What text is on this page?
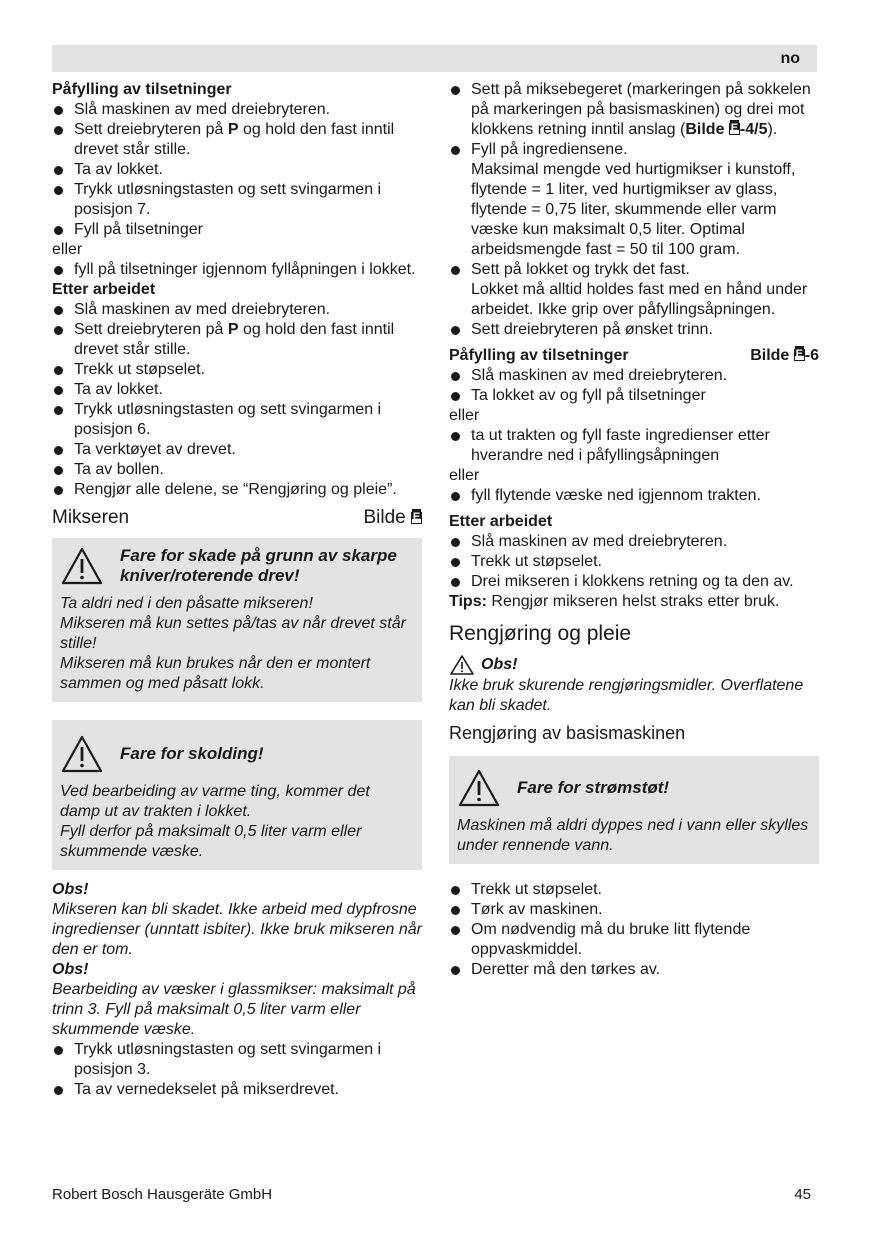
no

Påfylling av tilsetninger

Slå maskinen av med dreiebryteren.
Sett dreiebryteren på P og hold den fast inntil drevet står stille.
Ta av lokket.
Trykk utløsningstasten og sett svingarmen i posisjon 7.
Fyll på tilsetninger

eller

fyll på tilsetninger igjennom fyllåpningen i lokket.

Etter arbeidet

Slå maskinen av med dreiebryteren.
Sett dreiebryteren på P og hold den fast inntil drevet står stille.
Trekk ut støpselet.
Ta av lokket.
Trykk utløsningstasten og sett svingarmen i posisjon 6.
Ta verktøyet av drevet.
Ta av bollen.
Rengjør alle delene, se “Rengjøring og pleie”.
Mikseren	Bilde E
Fare for skade på grunn av skarpe kniver/roterende drev!

Ta aldri ned i den påsatte mikseren!

Mikseren må kun settes på/tas av når drevet står stille!

Mikseren må kun brukes når den er montert sammen og med påsatt lokk.

Fare for skolding!

Ved bearbeiding av varme ting, kommer det damp ut av trakten i lokket.

Fyll derfor på maksimalt 0,5 liter varm eller skummende væske.

Obs!

Mikseren kan bli skadet. Ikke arbeid med dypfrosne ingredienser (unntatt isbiter). Ikke bruk mikseren når den er tom.

Obs!

Bearbeiding av væsker i glassmikser: maksimalt på trinn 3. Fyll på maksimalt 0,5 liter varm eller skummende væske.

Trykk utløsningstasten og sett svingarmen i posisjon 3.
Ta av vernedekselet på mikserdrevet.
Sett på miksebegeret (markeringen på sokkelen på markeringen på basismaskinen) og drei mot klokkens retning inntil anslag (Bilde E-4/5).
Fyll på ingrediensene.
Maksimal mengde ved hurtigmikser i kunstoff, flytende = 1 liter, ved hurtigmikser av glass, flytende = 0,75 liter, skummende eller varm væske kun maksimalt 0,5 liter. Optimal arbeidsmengde fast = 50 til 100 gram.
Sett på lokket og trykk det fast.
Lokket må alltid holdes fast med en hånd under arbeidet. Ikke grip over påfyllingsåpningen.
Sett dreiebryteren på ønsket trinn.
Påfylling av tilsetninger	Bilde E-6
Slå maskinen av med dreiebryteren.
Ta lokket av og fyll på tilsetninger

eller

ta ut trakten og fyll faste ingredienser etter hverandre ned i påfyllingsåpningen

eller

fyll flytende væske ned igjennom trakten.

Etter arbeidet

Slå maskinen av med dreiebryteren.
Trekk ut støpselet.
Drei mikseren i klokkens retning og ta den av.

Tips: Rengjør mikseren helst straks etter bruk.

Rengjøring og pleie
Obs!

Ikke bruk skurende rengjøringsmidler. Overflatene kan bli skadet.

Rengjøring av basismaskinen
Fare for strømstøt!

Maskinen må aldri dyppes ned i vann eller skylles under rennende vann.

Trekk ut støpselet.
Tørk av maskinen.
Om nødvendig må du bruke litt flytende oppvaskmiddel.
Deretter må den tørkes av.
Robert Bosch Hausgeräte GmbH	45
